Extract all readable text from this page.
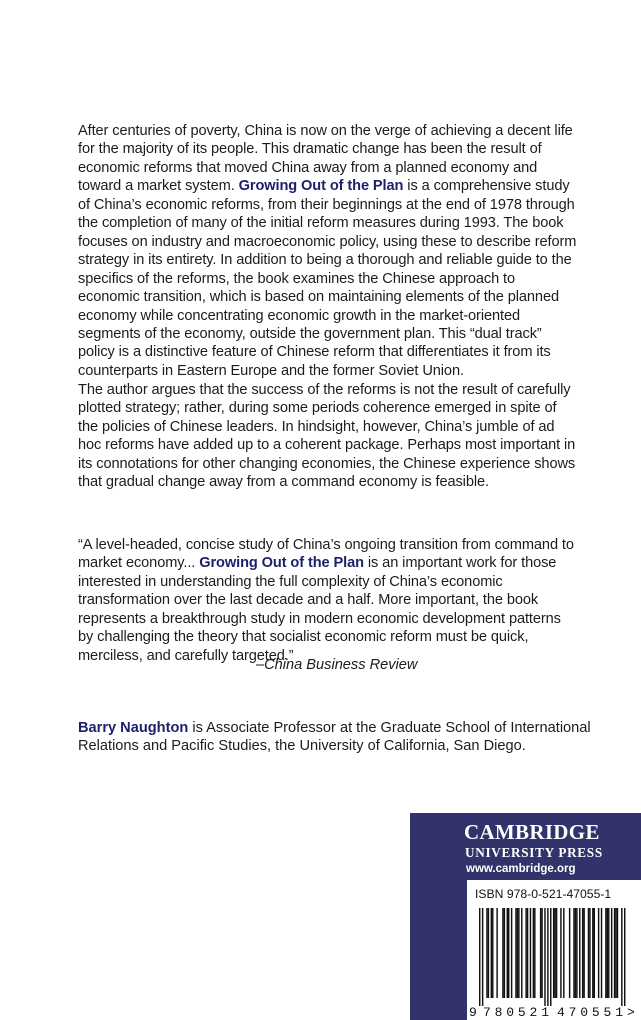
After centuries of poverty, China is now on the verge of achieving a decent life for the majority of its people. This dramatic change has been the result of economic reforms that moved China away from a planned economy and toward a market system. Growing Out of the Plan is a comprehensive study of China’s economic reforms, from their beginnings at the end of 1978 through the completion of many of the initial reform measures during 1993. The book focuses on industry and macroeconomic policy, using these to describe reform strategy in its entirety. In addition to being a thorough and reliable guide to the specifics of the reforms, the book examines the Chinese approach to economic transition, which is based on maintaining elements of the planned economy while concentrating economic growth in the market-oriented segments of the economy, outside the government plan. This “dual track” policy is a distinctive feature of Chinese reform that differentiates it from its counterparts in Eastern Europe and the former Soviet Union.

The author argues that the success of the reforms is not the result of carefully plotted strategy; rather, during some periods coherence emerged in spite of the policies of Chinese leaders. In hindsight, however, China’s jumble of ad hoc reforms have added up to a coherent package. Perhaps most important in its connotations for other changing economies, the Chinese experience shows that gradual change away from a command economy is feasible.

“A level-headed, concise study of China’s ongoing transition from command to market economy... Growing Out of the Plan is an important work for those interested in understanding the full complexity of China’s economic transformation over the last decade and a half. More important, the book represents a breakthrough study in modern economic development patterns by challenging the theory that socialist economic reform must be quick, merciless, and carefully targeted.”

–China Business Review
Barry Naughton is Associate Professor at the Graduate School of International Relations and Pacific Studies, the University of California, San Diego.
CAMBRIDGE
UNIVERSITY PRESS
www.cambridge.org
ISBN 978-0-521-47055-1
9 780521 470551 >
